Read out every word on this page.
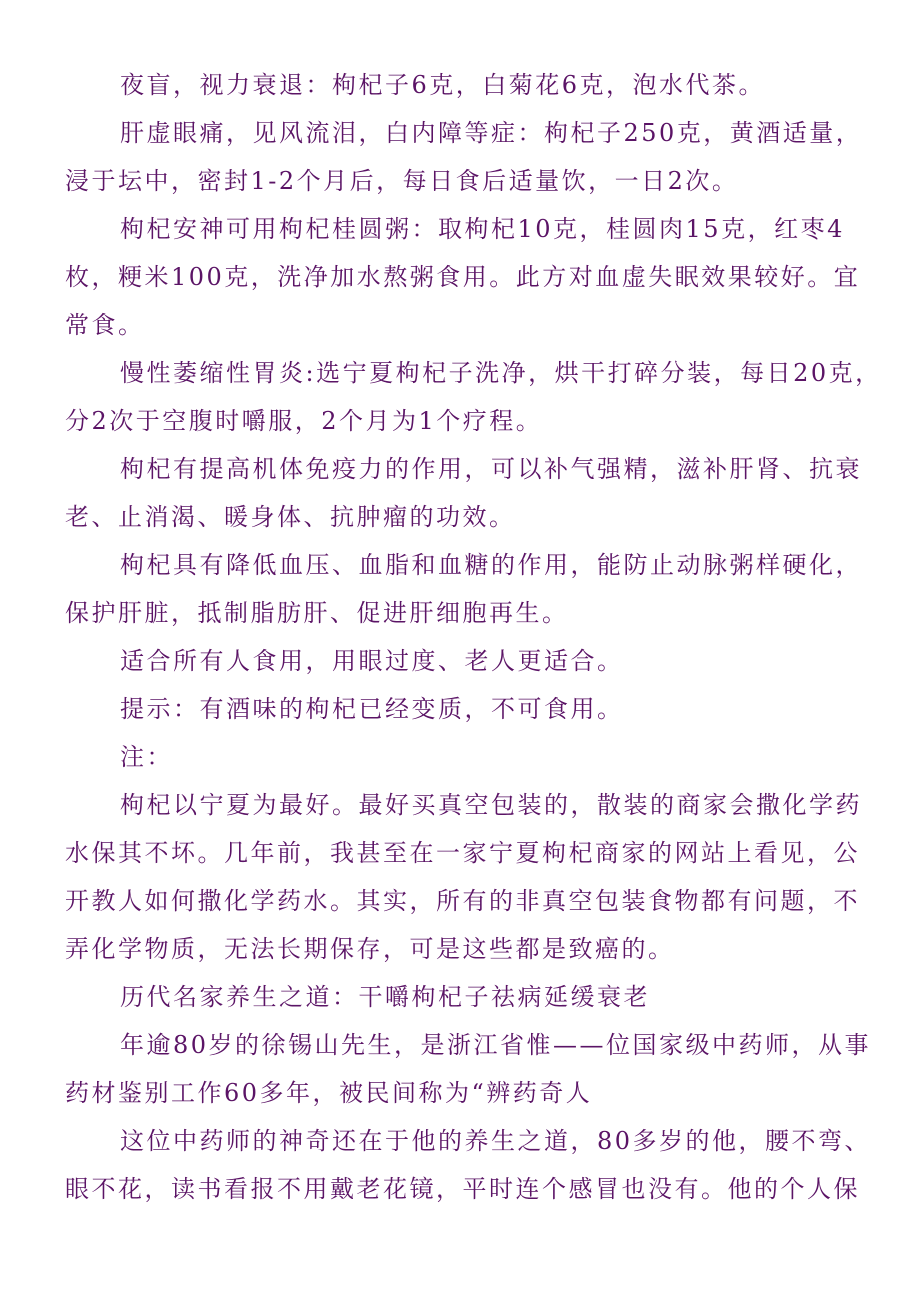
夜盲，视力衰退：枸杞子6克，白菊花6克，泡水代茶。
肝虚眼痛，见风流泪，白内障等症：枸杞子250克，黄酒适量，
浸于坛中，密封1-2个月后，每日食后适量饮，一日2次。
枸杞安神可用枸杞桂圆粥：取枸杞10克，桂圆肉15克，红枣4
枚，粳米100克，洗净加水熬粥食用。此方对血虚失眠效果较好。宜
常食。
慢性萎缩性胃炎:选宁夏枸杞子洗净，烘干打碎分装，每日20克，
分2次于空腹时嚼服，2个月为1个疗程。
枸杞有提高机体免疫力的作用，可以补气强精，滋补肝肾、抗衰
老、止消渴、暖身体、抗肿瘤的功效。
枸杞具有降低血压、血脂和血糖的作用，能防止动脉粥样硬化，
保护肝脏，抵制脂肪肝、促进肝细胞再生。
适合所有人食用，用眼过度、老人更适合。
提示：有酒味的枸杞已经变质，不可食用。
注：
枸杞以宁夏为最好。最好买真空包装的，散装的商家会撒化学药
水保其不坏。几年前，我甚至在一家宁夏枸杞商家的网站上看见，公
开教人如何撒化学药水。其实，所有的非真空包装食物都有问题，不
弄化学物质，无法长期保存，可是这些都是致癌的。
历代名家养生之道：干嚼枸杞子祛病延缓衰老
年逾80岁的徐锡山先生，是浙江省惟——位国家级中药师，从事
药材鉴别工作60多年，被民间称为“辨药奇人
这位中药师的神奇还在于他的养生之道，80多岁的他，腰不弯、
眼不花，读书看报不用戴老花镜，平时连个感冒也没有。他的个人保
